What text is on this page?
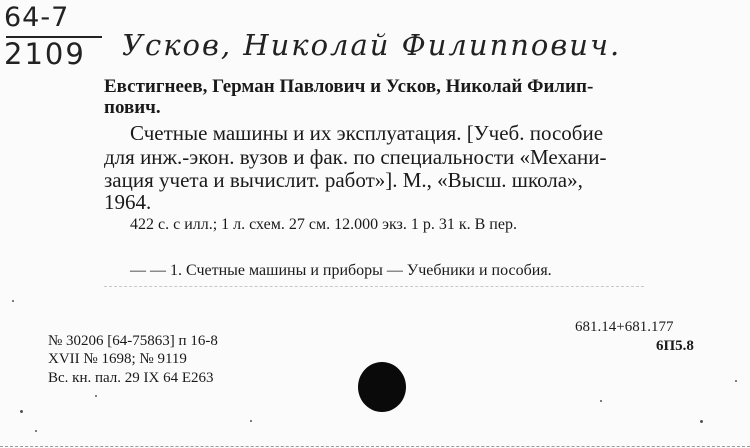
64-7
2109 Усков, Николай Филиппович.
Евстигнеев, Герман Павлович и Усков, Николай Филип-
пович.
Счетные машины и их эксплуатация. [Учеб. пособие
для инж.-экон. вузов и фак. по специальности «Механи-
зация учета и вычислит. работ»]. М., «Высш. школа»,
1964.
422 с. с илл.; 1 л. схем. 27 см. 12.000 экз. 1 р. 31 к. В пер.
— — 1. Счетные машины и приборы — Учебники и пособия.
№ 30206 [64-75863] п 16-8
XVII № 1698; № 9119
Вс. кн. пал. 29 IX 64 Е263
681.14+681.177
6П5.8
